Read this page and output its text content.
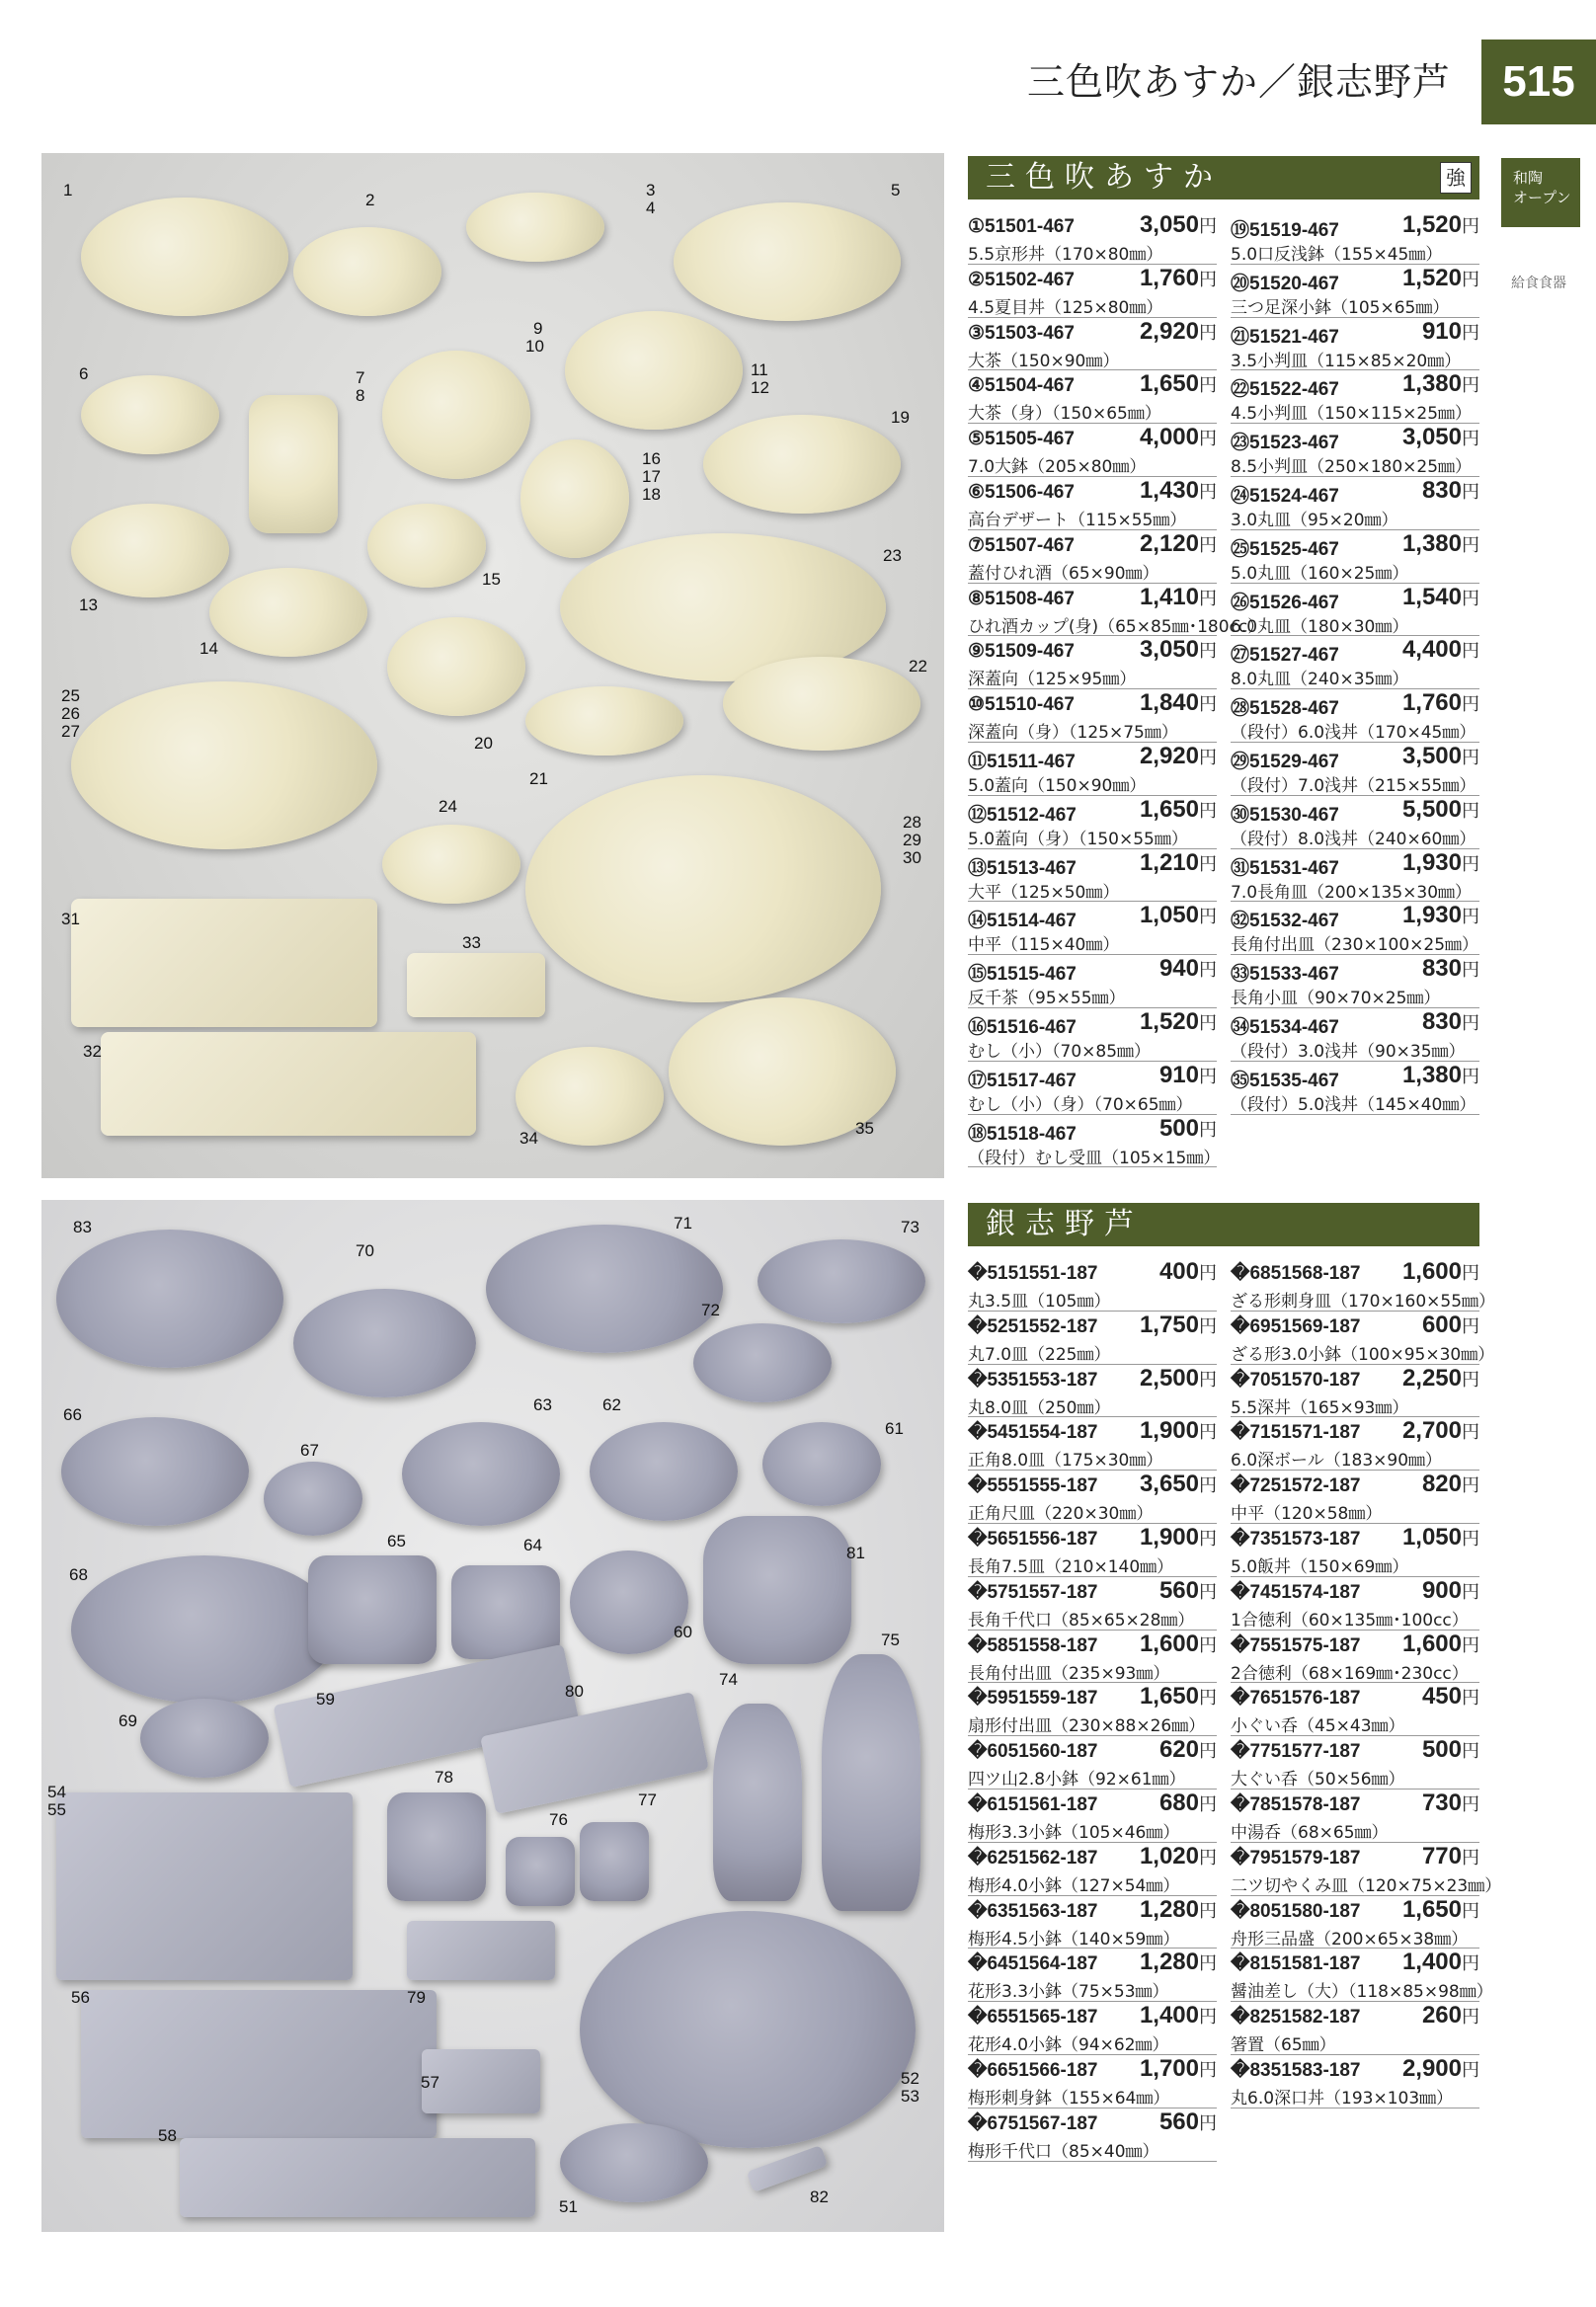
三色吹あすか／銀志野芦	515
和陶
オープン
給食食器
1
2
3
4
5
6	7
8
9
10
11
12
13
14
15
16
17
18
19
20
21
22
23
24
25
26
27
28
29
30
31
32
33
34
35
83
70
71	73
72
66
67
63	62
61
68
65	64	81
60	75
69
59	80
74
54
55
78
76
77
56	79
57	52
53
58
51
82
三色吹あすか	強
①51501-467	3,050円
5.5京形丼（170×80㎜）
②51502-467	1,760円
4.5夏目丼（125×80㎜）
③51503-467	2,920円
大茶（150×90㎜）
④51504-467	1,650円
大茶（身）（150×65㎜）
⑤51505-467	4,000円
7.0大鉢（205×80㎜）
⑥51506-467	1,430円
高台デザート（115×55㎜）
⑦51507-467	2,120円
蓋付ひれ酒（65×90㎜）
⑧51508-467	1,410円
ひれ酒カップ(身)（65×85㎜･180cc）
⑨51509-467	3,050円
深蓋向（125×95㎜）
⑩51510-467	1,840円
深蓋向（身）（125×75㎜）
⑪51511-467	2,920円
5.0蓋向（150×90㎜）
⑫51512-467	1,650円
5.0蓋向（身）（150×55㎜）
⑬51513-467	1,210円
大平（125×50㎜）
⑭51514-467	1,050円
中平（115×40㎜）
⑮51515-467	940円
反千茶（95×55㎜）
⑯51516-467	1,520円
むし（小）（70×85㎜）
⑰51517-467	910円
むし（小）（身）（70×65㎜）
⑱51518-467	500円
（段付）むし受皿（105×15㎜）
⑲51519-467	1,520円
5.0口反浅鉢（155×45㎜）
⑳51520-467	1,520円
三つ足深小鉢（105×65㎜）
㉑51521-467	910円
3.5小判皿（115×85×20㎜）
㉒51522-467	1,380円
4.5小判皿（150×115×25㎜）
㉓51523-467	3,050円
8.5小判皿（250×180×25㎜）
㉔51524-467	830円
3.0丸皿（95×20㎜）
㉕51525-467	1,380円
5.0丸皿（160×25㎜）
㉖51526-467	1,540円
6.0丸皿（180×30㎜）
㉗51527-467	4,400円
8.0丸皿（240×35㎜）
㉘51528-467	1,760円
（段付）6.0浅丼（170×45㎜）
㉙51529-467	3,500円
（段付）7.0浅丼（215×55㎜）
㉚51530-467	5,500円
（段付）8.0浅丼（240×60㎜）
㉛51531-467	1,930円
7.0長角皿（200×135×30㎜）
㉜51532-467	1,930円
長角付出皿（230×100×25㎜）
㉝51533-467	830円
長角小皿（90×70×25㎜）
㉞51534-467	830円
（段付）3.0浅丼（90×35㎜）
㉟51535-467	1,380円
（段付）5.0浅丼（145×40㎜）
銀志野芦
�5151551-187	400円
丸3.5皿（105㎜）
�5251552-187 1,750円
丸7.0皿（225㎜）
�5351553-187 2,500円
丸8.0皿（250㎜）
�5451554-187 1,900円
正角8.0皿（175×30㎜）
�5551555-187 3,650円
正角尺皿（220×30㎜）
�5651556-187 1,900円
長角7.5皿（210×140㎜）
�5751557-187	560円
長角千代口（85×65×28㎜）
�5851558-187 1,600円
長角付出皿（235×93㎜）
�5951559-187 1,650円
扇形付出皿（230×88×26㎜）
�6051560-187	620円
四ツ山2.8小鉢（92×61㎜）
�6151561-187	680円
梅形3.3小鉢（105×46㎜）
�6251562-187 1,020円
梅形4.0小鉢（127×54㎜）
�6351563-187 1,280円
梅形4.5小鉢（140×59㎜）
�6451564-187 1,280円
花形3.3小鉢（75×53㎜）
�6551565-187 1,400円
花形4.0小鉢（94×62㎜）
�6651566-187 1,700円
梅形刺身鉢（155×64㎜）
�6751567-187	560円
梅形千代口（85×40㎜）
�6851568-187 1,600円
ざる形刺身皿（170×160×55㎜）
�6951569-187	600円
ざる形3.0小鉢（100×95×30㎜）
�7051570-187 2,250円
5.5深丼（165×93㎜）
�7151571-187 2,700円
6.0深ボール（183×90㎜）
�7251572-187	820円
中平（120×58㎜）
�7351573-187 1,050円
5.0飯丼（150×69㎜）
�7451574-187	900円
1合徳利（60×135㎜･100cc）
�7551575-187 1,600円
2合徳利（68×169㎜･230cc）
�7651576-187	450円
小ぐい呑（45×43㎜）
�7751577-187	500円
大ぐい呑（50×56㎜）
�7851578-187	730円
中湯呑（68×65㎜）
�7951579-187	770円
二ツ切やくみ皿（120×75×23㎜）
�8051580-187 1,650円
舟形三品盛（200×65×38㎜）
�8151581-187 1,400円
醤油差し（大）（118×85×98㎜）
�8251582-187	260円
箸置（65㎜）
�8351583-187 2,900円
丸6.0深口丼（193×103㎜）
